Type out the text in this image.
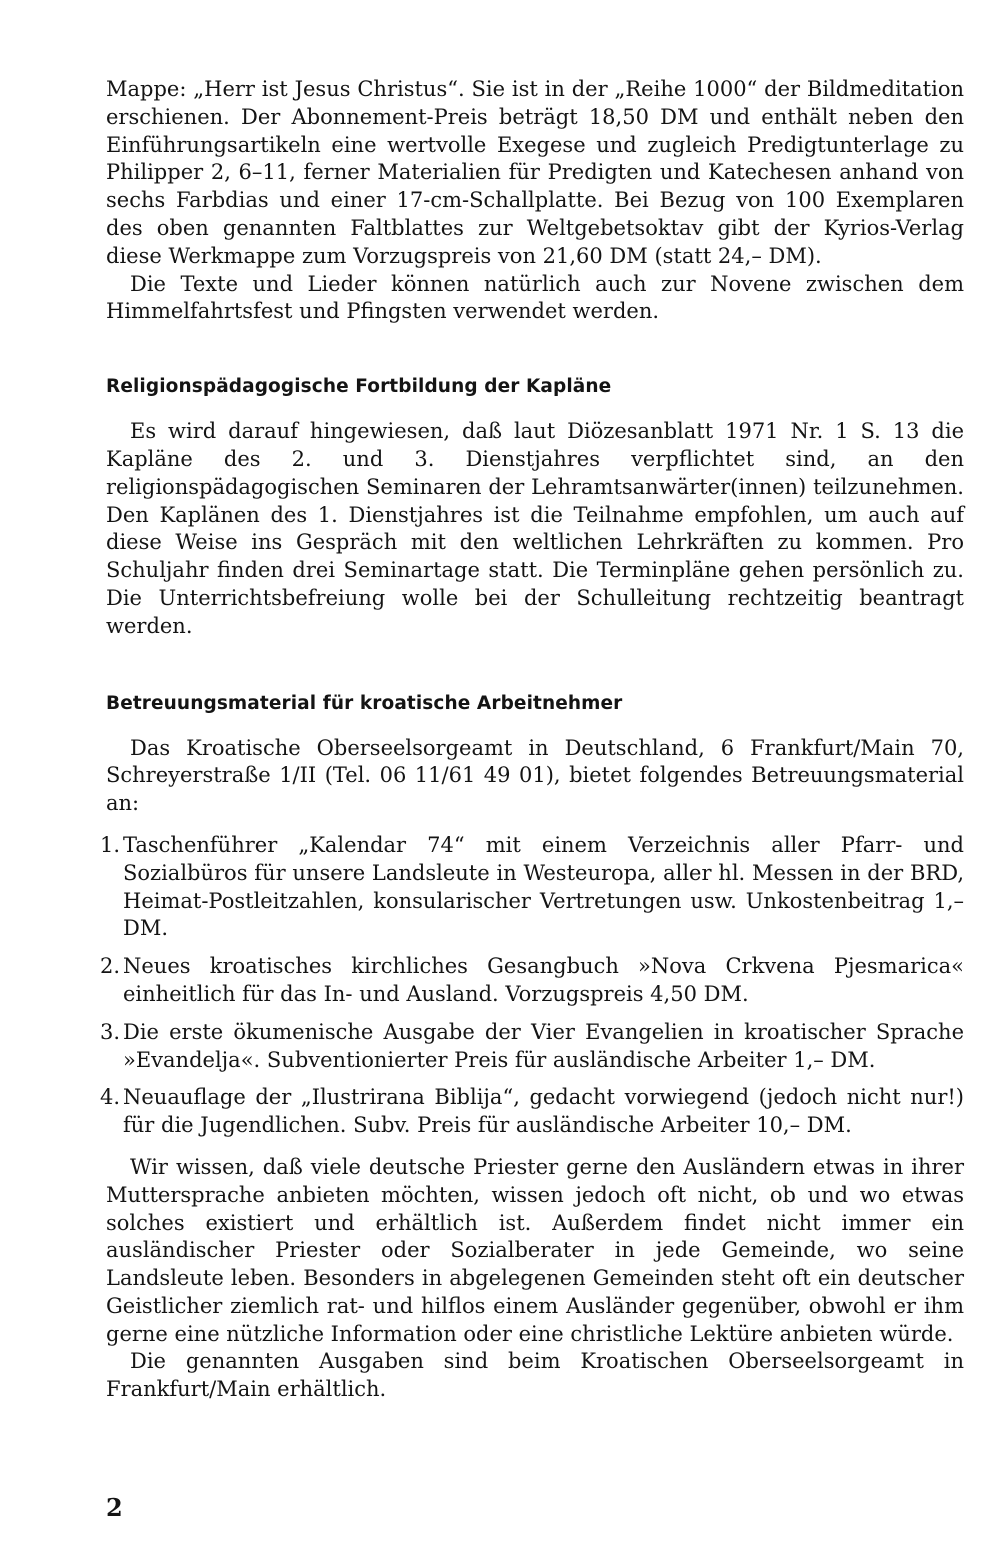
Mappe: „Herr ist Jesus Christus“. Sie ist in der „Reihe 1000“ der Bildmeditation erschienen. Der Abonnement-Preis beträgt 18,50 DM und enthält neben den Einführungsartikeln eine wertvolle Exegese und zugleich Predigtunterlage zu Philipper 2, 6–11, ferner Materialien für Predigten und Katechesen anhand von sechs Farbdias und einer 17-cm-Schallplatte. Bei Bezug von 100 Exemplaren des oben genannten Faltblattes zur Weltgebetsoktav gibt der Kyrios-Verlag diese Werkmappe zum Vorzugspreis von 21,60 DM (statt 24,– DM).

Die Texte und Lieder können natürlich auch zur Novene zwischen dem Himmelfahrtsfest und Pfingsten verwendet werden.

Religionspädagogische Fortbildung der Kapläne

Es wird darauf hingewiesen, daß laut Diözesanblatt 1971 Nr. 1 S. 13 die Kapläne des 2. und 3. Dienstjahres verpflichtet sind, an den religionspädagogischen Seminaren der Lehramtsanwärter(innen) teilzunehmen. Den Kaplänen des 1. Dienstjahres ist die Teilnahme empfohlen, um auch auf diese Weise ins Gespräch mit den weltlichen Lehrkräften zu kommen. Pro Schuljahr finden drei Seminartage statt. Die Terminpläne gehen persönlich zu. Die Unterrichtsbefreiung wolle bei der Schulleitung rechtzeitig beantragt werden.

Betreuungsmaterial für kroatische Arbeitnehmer

Das Kroatische Oberseelsorgeamt in Deutschland, 6 Frankfurt/Main 70, Schreyerstraße 1/II (Tel. 06 11/61 49 01), bietet folgendes Betreuungsmaterial an:

1. Taschenführer „Kalendar 74“ mit einem Verzeichnis aller Pfarr- und Sozialbüros für unsere Landsleute in Westeuropa, aller hl. Messen in der BRD, Heimat-Postleitzahlen, konsularischer Vertretungen usw. Unkostenbeitrag 1,– DM.
2. Neues kroatisches kirchliches Gesangbuch »Nova Crkvena Pjesmarica« einheitlich für das In- und Ausland. Vorzugspreis 4,50 DM.
3. Die erste ökumenische Ausgabe der Vier Evangelien in kroatischer Sprache »Evandelja«. Subventionierter Preis für ausländische Arbeiter 1,– DM.
4. Neuauflage der „Ilustrirana Biblija“, gedacht vorwiegend (jedoch nicht nur!) für die Jugendlichen. Subv. Preis für ausländische Arbeiter 10,– DM.

Wir wissen, daß viele deutsche Priester gerne den Ausländern etwas in ihrer Muttersprache anbieten möchten, wissen jedoch oft nicht, ob und wo etwas solches existiert und erhältlich ist. Außerdem findet nicht immer ein ausländischer Priester oder Sozialberater in jede Gemeinde, wo seine Landsleute leben. Besonders in abgelegenen Gemeinden steht oft ein deutscher Geistlicher ziemlich rat- und hilflos einem Ausländer gegenüber, obwohl er ihm gerne eine nützliche Information oder eine christliche Lektüre anbieten würde.

Die genannten Ausgaben sind beim Kroatischen Oberseelsorgeamt in Frankfurt/Main erhältlich.

2
